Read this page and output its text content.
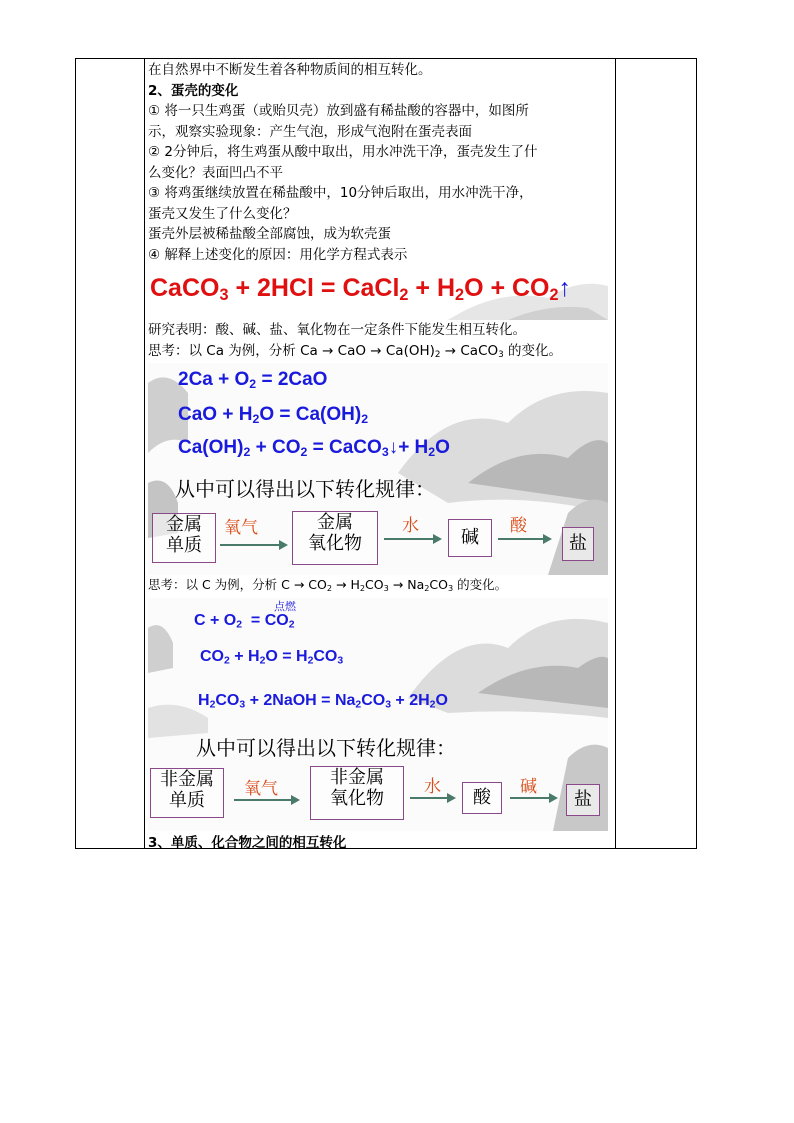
在自然界中不断发生着各种物质间的相互转化。
2、蛋壳的变化
① 将一只生鸡蛋（或贻贝壳）放到盛有稀盐酸的容器中，如图所
示，观察实验现象：产生气泡，形成气泡附在蛋壳表面
② 2分钟后，将生鸡蛋从酸中取出，用水冲洗干净，蛋壳发生了什
么变化？表面凹凸不平
③ 将鸡蛋继续放置在稀盐酸中，10分钟后取出，用水冲洗干净，
蛋壳又发生了什么变化？
蛋壳外层被稀盐酸全部腐蚀，成为软壳蛋
④ 解释上述变化的原因：用化学方程式表示
CaCO$_3$ + 2HCl = CaCl$_2$ + $H_2O$ + $CO_2↑$
研究表明：酸、碱、盐、氧化物在一定条件下能发生相互转化。
思考：以 Ca 为例，分析 Ca → CaO → $Ca(OH)_2$ → CaCO$_3$ 的变化。
$2Ca + O_2 = 2CaO$
CaO + $H_2O = Ca(OH)_2$
$Ca(OH)_2 + CO_2$ = CaCO$_3$↓+ $H_2O$
从中可以得出以下转化规律：
金属
单质
氧气	金属
氧化物
水
碱
酸
盐
思考：以 C 为例，分析 $C \to CO_2 \to H_2CO_3 \to Na_2CO_3$ 的变化。
点燃
$C + O_2 = CO_2$
$CO_2 + H_2O = H_2CO_3$
$H_2CO_3$ + 2NaOH = $Na_2CO_3 + 2H_2O$
从中可以得出以下转化规律：
非金属
单质
氧气
非金属
氧化物
水	酸	碱
盐
3、单质、化合物之间的相互转化
